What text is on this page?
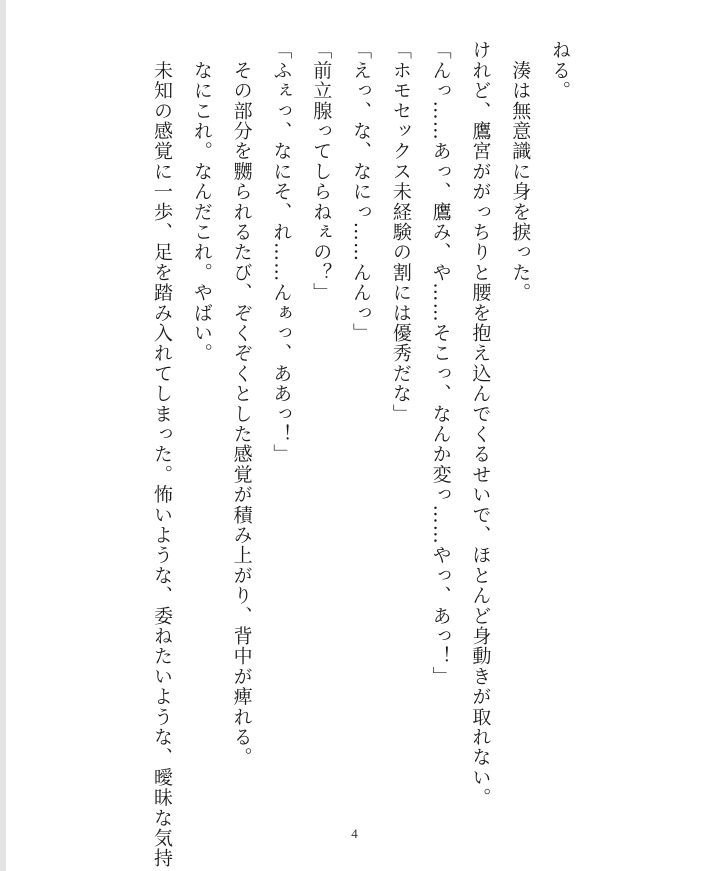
ねる。
　湊は無意識に身を捩った。
けれど、鷹宮ががっちりと腰を抱え込んでくるせいで、ほとんど身動きが取れない。
「んっ……あっ、鷹み、や……そこっ、なんか変っ……やっ、あっ！」
「ホモセックス未経験の割には優秀だな」
「えっ、な、なにっ……んんっ」
「前立腺ってしらねぇの？」
「ふぇっ、なにそ、れ……んぁっ、ああっ！」
　その部分を嬲られるたび、ぞくぞくとした感覚が積み上がり、背中が痺れる。
　なにこれ。なんだこれ。やばい。
　未知の感覚に一歩、足を踏み入れてしまった。怖いような、委ねたいような、曖昧な気持	4
